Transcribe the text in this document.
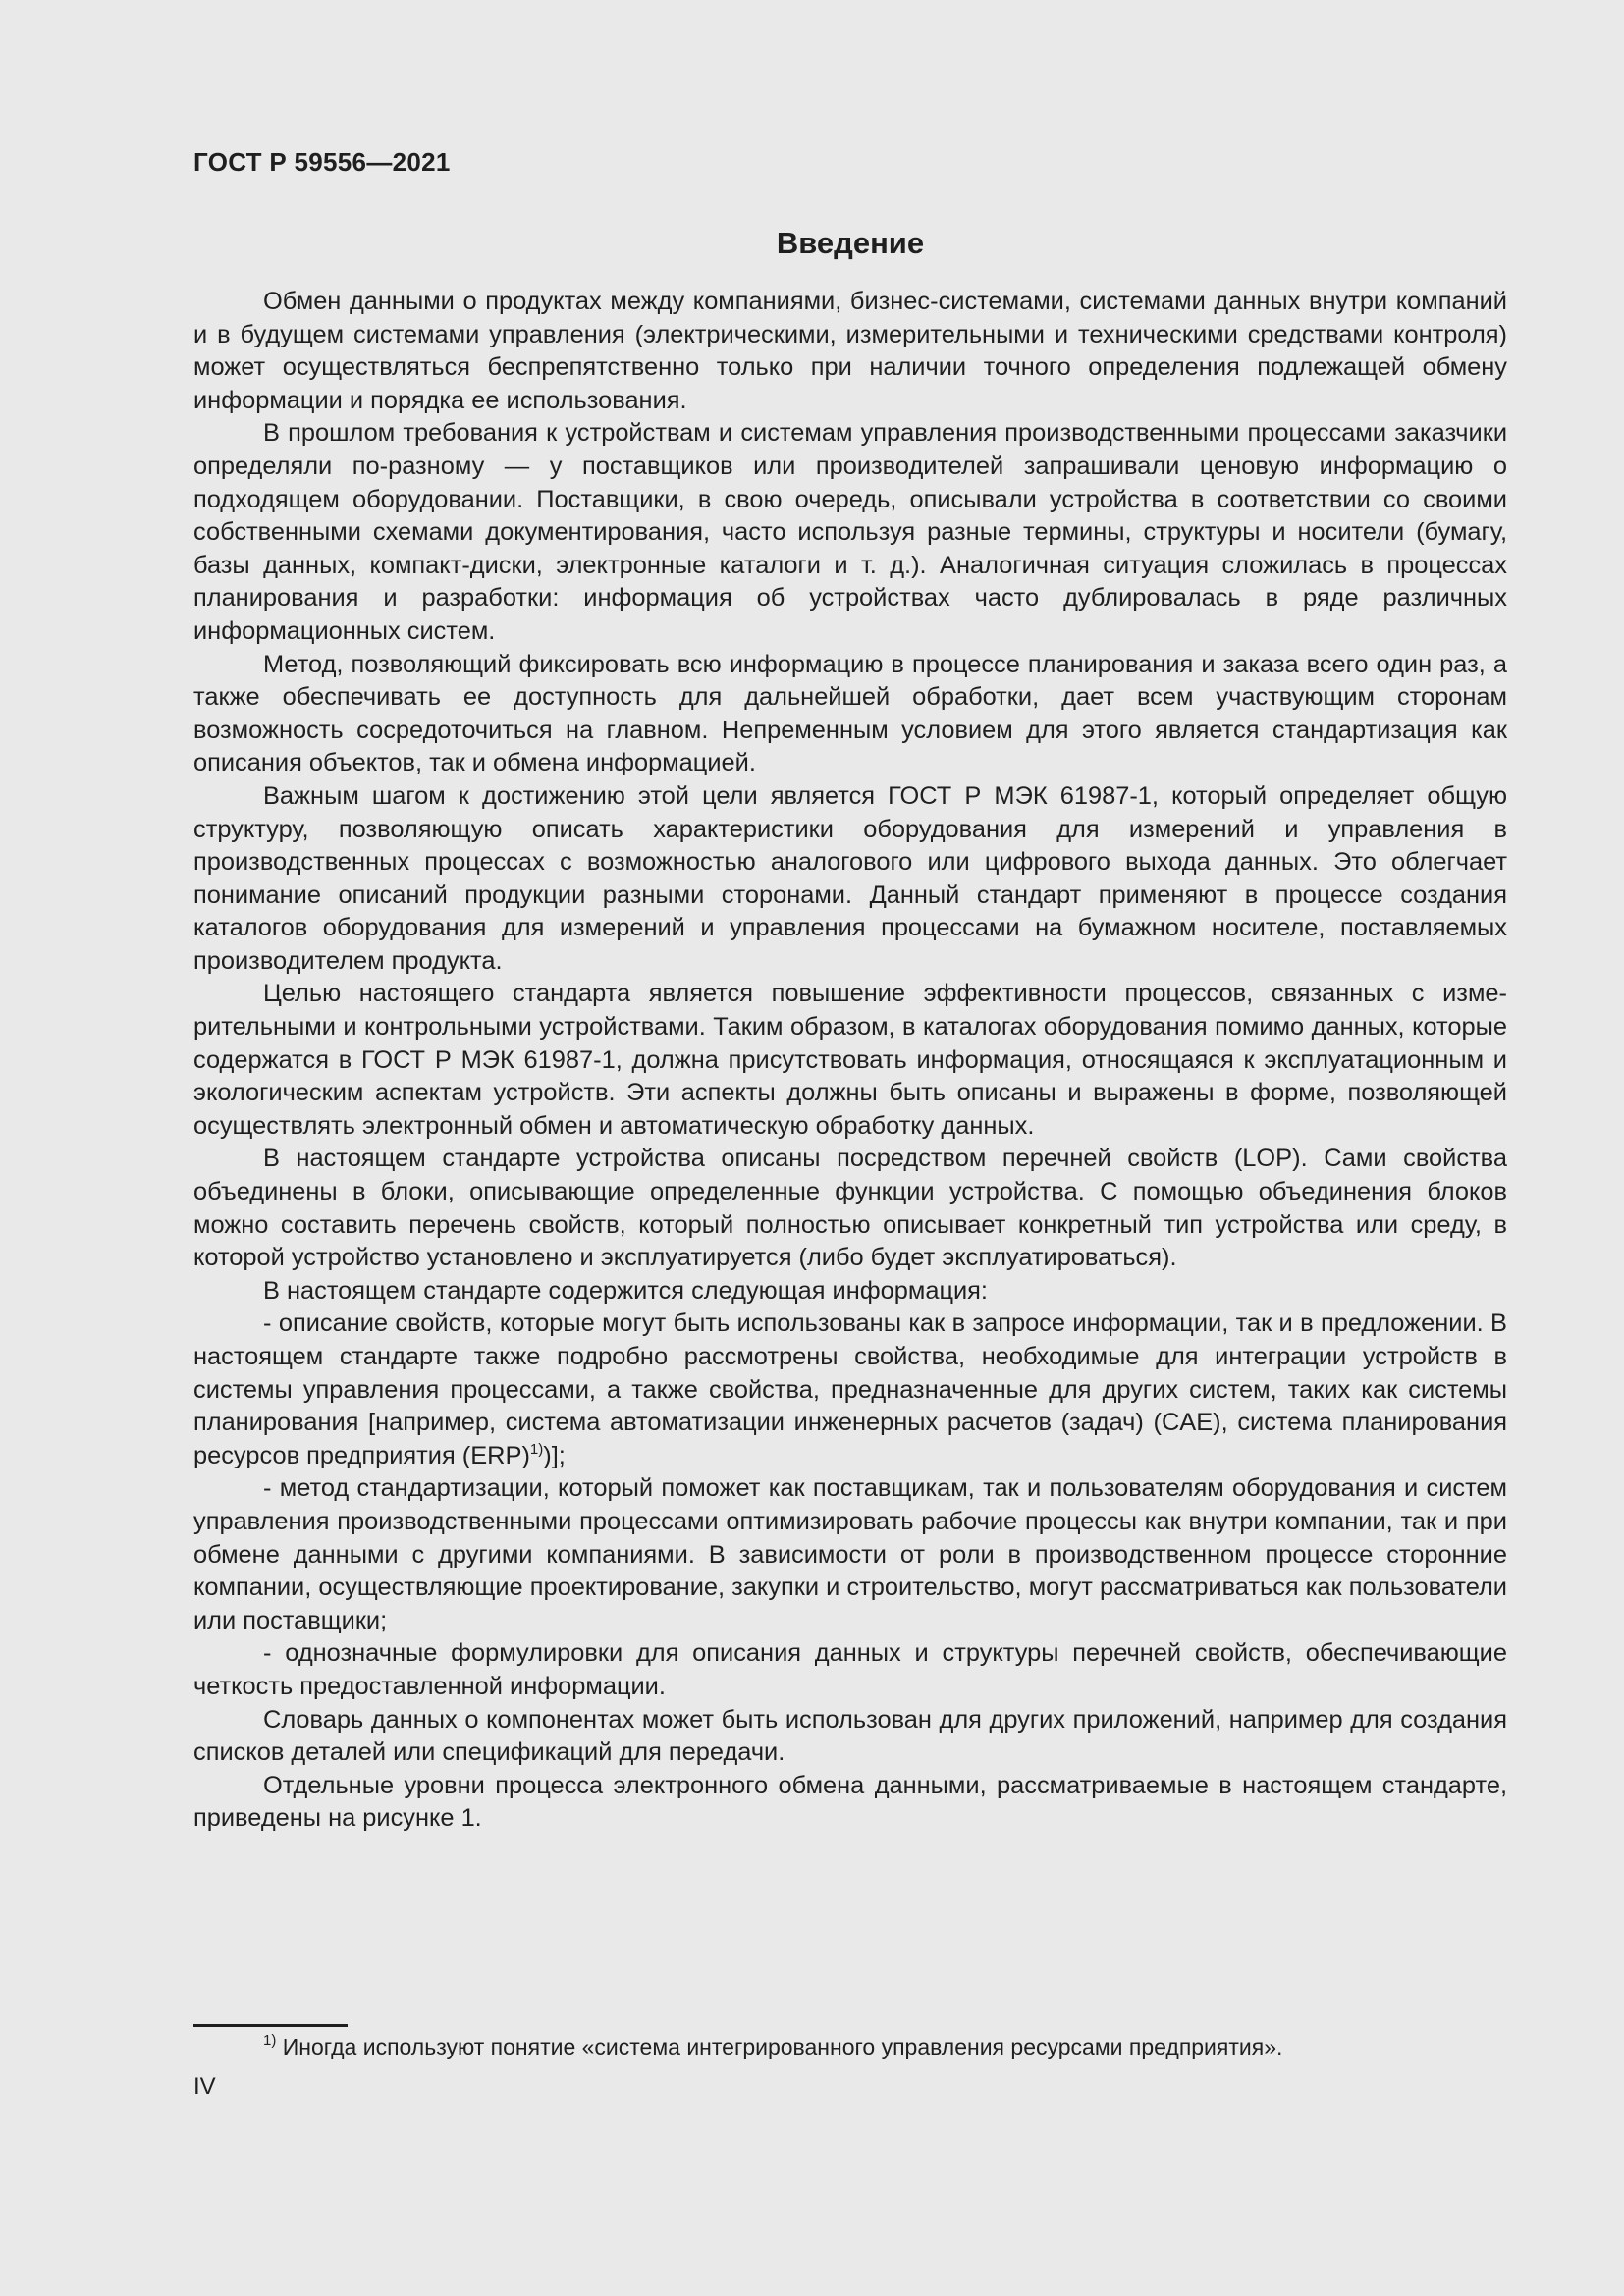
ГОСТ Р 59556—2021
Введение

Обмен данными о продуктах между компаниями, бизнес-системами, системами данных внутри компаний и в будущем системами управления (электрическими, измерительными и техническими средствами контроля) может осуществляться беспрепятственно только при наличии точного определения подлежащей обмену информации и порядка ее использования.

В прошлом требования к устройствам и системам управления производственными процессами заказчики определяли по-разному — у поставщиков или производителей запрашивали ценовую информацию о подходящем оборудовании. Поставщики, в свою очередь, описывали устройства в соответствии со своими собственными схемами документирования, часто используя разные термины, структуры и носители (бумагу, базы данных, компакт-диски, электронные каталоги и т. д.). Аналогичная ситуация сложилась в процессах планирования и разработки: информация об устройствах часто дублировалась в ряде различных информационных систем.

Метод, позволяющий фиксировать всю информацию в процессе планирования и заказа всего один раз, а также обеспечивать ее доступность для дальнейшей обработки, дает всем участвующим сторонам возможность сосредоточиться на главном. Непременным условием для этого является стандартизация как описания объектов, так и обмена информацией.

Важным шагом к достижению этой цели является ГОСТ Р МЭК 61987-1, который определяет общую структуру, позволяющую описать характеристики оборудования для измерений и управления в производственных процессах с возможностью аналогового или цифрового выхода данных. Это облегчает понимание описаний продукции разными сторонами. Данный стандарт применяют в процессе создания каталогов оборудования для измерений и управления процессами на бумажном носителе, поставляемых производителем продукта.

Целью настоящего стандарта является повышение эффективности процессов, связанных с измерительными и контрольными устройствами. Таким образом, в каталогах оборудования помимо данных, которые содержатся в ГОСТ Р МЭК 61987-1, должна присутствовать информация, относящаяся к эксплуатационным и экологическим аспектам устройств. Эти аспекты должны быть описаны и выражены в форме, позволяющей осуществлять электронный обмен и автоматическую обработку данных.

В настоящем стандарте устройства описаны посредством перечней свойств (LOP). Сами свойства объединены в блоки, описывающие определенные функции устройства. С помощью объединения блоков можно составить перечень свойств, который полностью описывает конкретный тип устройства или среду, в которой устройство установлено и эксплуатируется (либо будет эксплуатироваться).

В настоящем стандарте содержится следующая информация:

- описание свойств, которые могут быть использованы как в запросе информации, так и в предложении. В настоящем стандарте также подробно рассмотрены свойства, необходимые для интеграции устройств в системы управления процессами, а также свойства, предназначенные для других систем, таких как системы планирования [например, система автоматизации инженерных расчетов (задач) (CAE), система планирования ресурсов предприятия (ERP)$^{1)}$)];

- метод стандартизации, который поможет как поставщикам, так и пользователям оборудования и систем управления производственными процессами оптимизировать рабочие процессы как внутри компании, так и при обмене данными с другими компаниями. В зависимости от роли в производственном процессе сторонние компании, осуществляющие проектирование, закупки и строительство, могут рассматриваться как пользователи или поставщики;

- однозначные формулировки для описания данных и структуры перечней свойств, обеспечивающие четкость предоставленной информации.

Словарь данных о компонентах может быть использован для других приложений, например для создания списков деталей или спецификаций для передачи.

Отдельные уровни процесса электронного обмена данными, рассматриваемые в настоящем стандарте, приведены на рисунке 1.

$^{1)}$ Иногда используют понятие «система интегрированного управления ресурсами предприятия».
IV
